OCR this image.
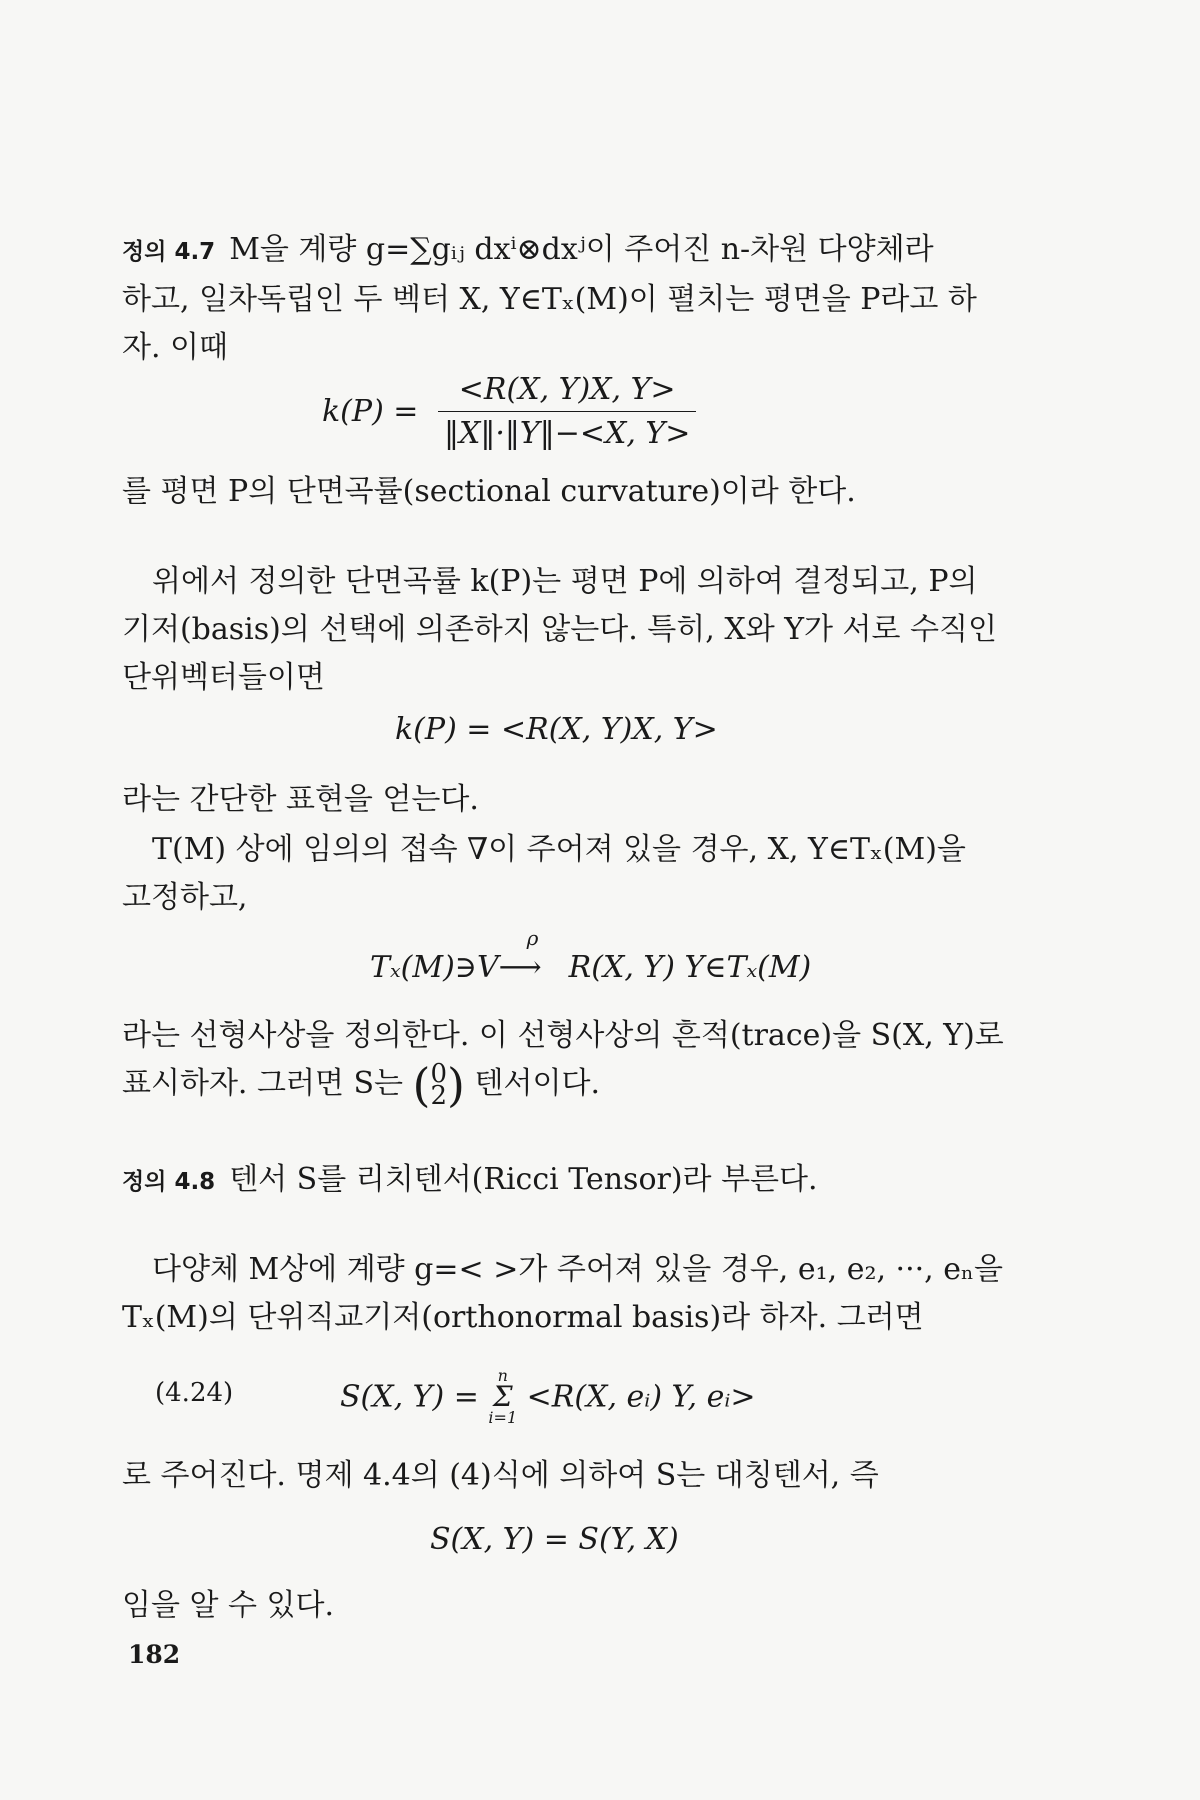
정의 4.7 M을 계량 g=∑gᵢⱼ dxⁱ⊗dxʲ이 주어진 n-차원 다양체라
하고, 일차독립인 두 벡터 X, Y∈Tₓ(M)이 펼치는 평면을 P라고 하
자. 이때
$k(P) = \frac{<R(X, Y)X, Y>}{‖X‖\cdot‖Y‖-<X, Y>}$
를 평면 P의 단면곡률(sectional curvature)이라 한다.
위에서 정의한 단면곡률 k(P)는 평면 P에 의하여 결정되고, P의
기저(basis)의 선택에 의존하지 않는다. 특히, X와 Y가 서로 수직인
단위벡터들이면
k(P) = <R(X, Y)X, Y>
라는 간단한 표현을 얻는다.
T(M) 상에 임의의 접속 ∇이 주어져 있을 경우, X, Y∈Tₓ(M)을
고정하고,
Tₓ(M)∋V
ρ
⟶ R(X, Y) Y∈Tₓ(M)
라는 선형사상을 정의한다. 이 선형사상의 흔적(trace)을 S(X, Y)로
표시하자. 그러면 S는 (0
2) 텐서이다.
정의 4.8 텐서 S를 리치텐서(Ricci Tensor)라 부른다.
다양체 M상에 계량 g=< >가 주어져 있을 경우, e₁, e₂, ···, eₙ을
Tₓ(M)의 단위직교기저(orthonormal basis)라 하자. 그러면
(4.24)	S(X, Y) = n
Σ
i=1 <R(X, eᵢ) Y, eᵢ>
로 주어진다. 명제 4.4의 (4)식에 의하여 S는 대칭텐서, 즉
S(X, Y) = S(Y, X)
임을 알 수 있다.
182
